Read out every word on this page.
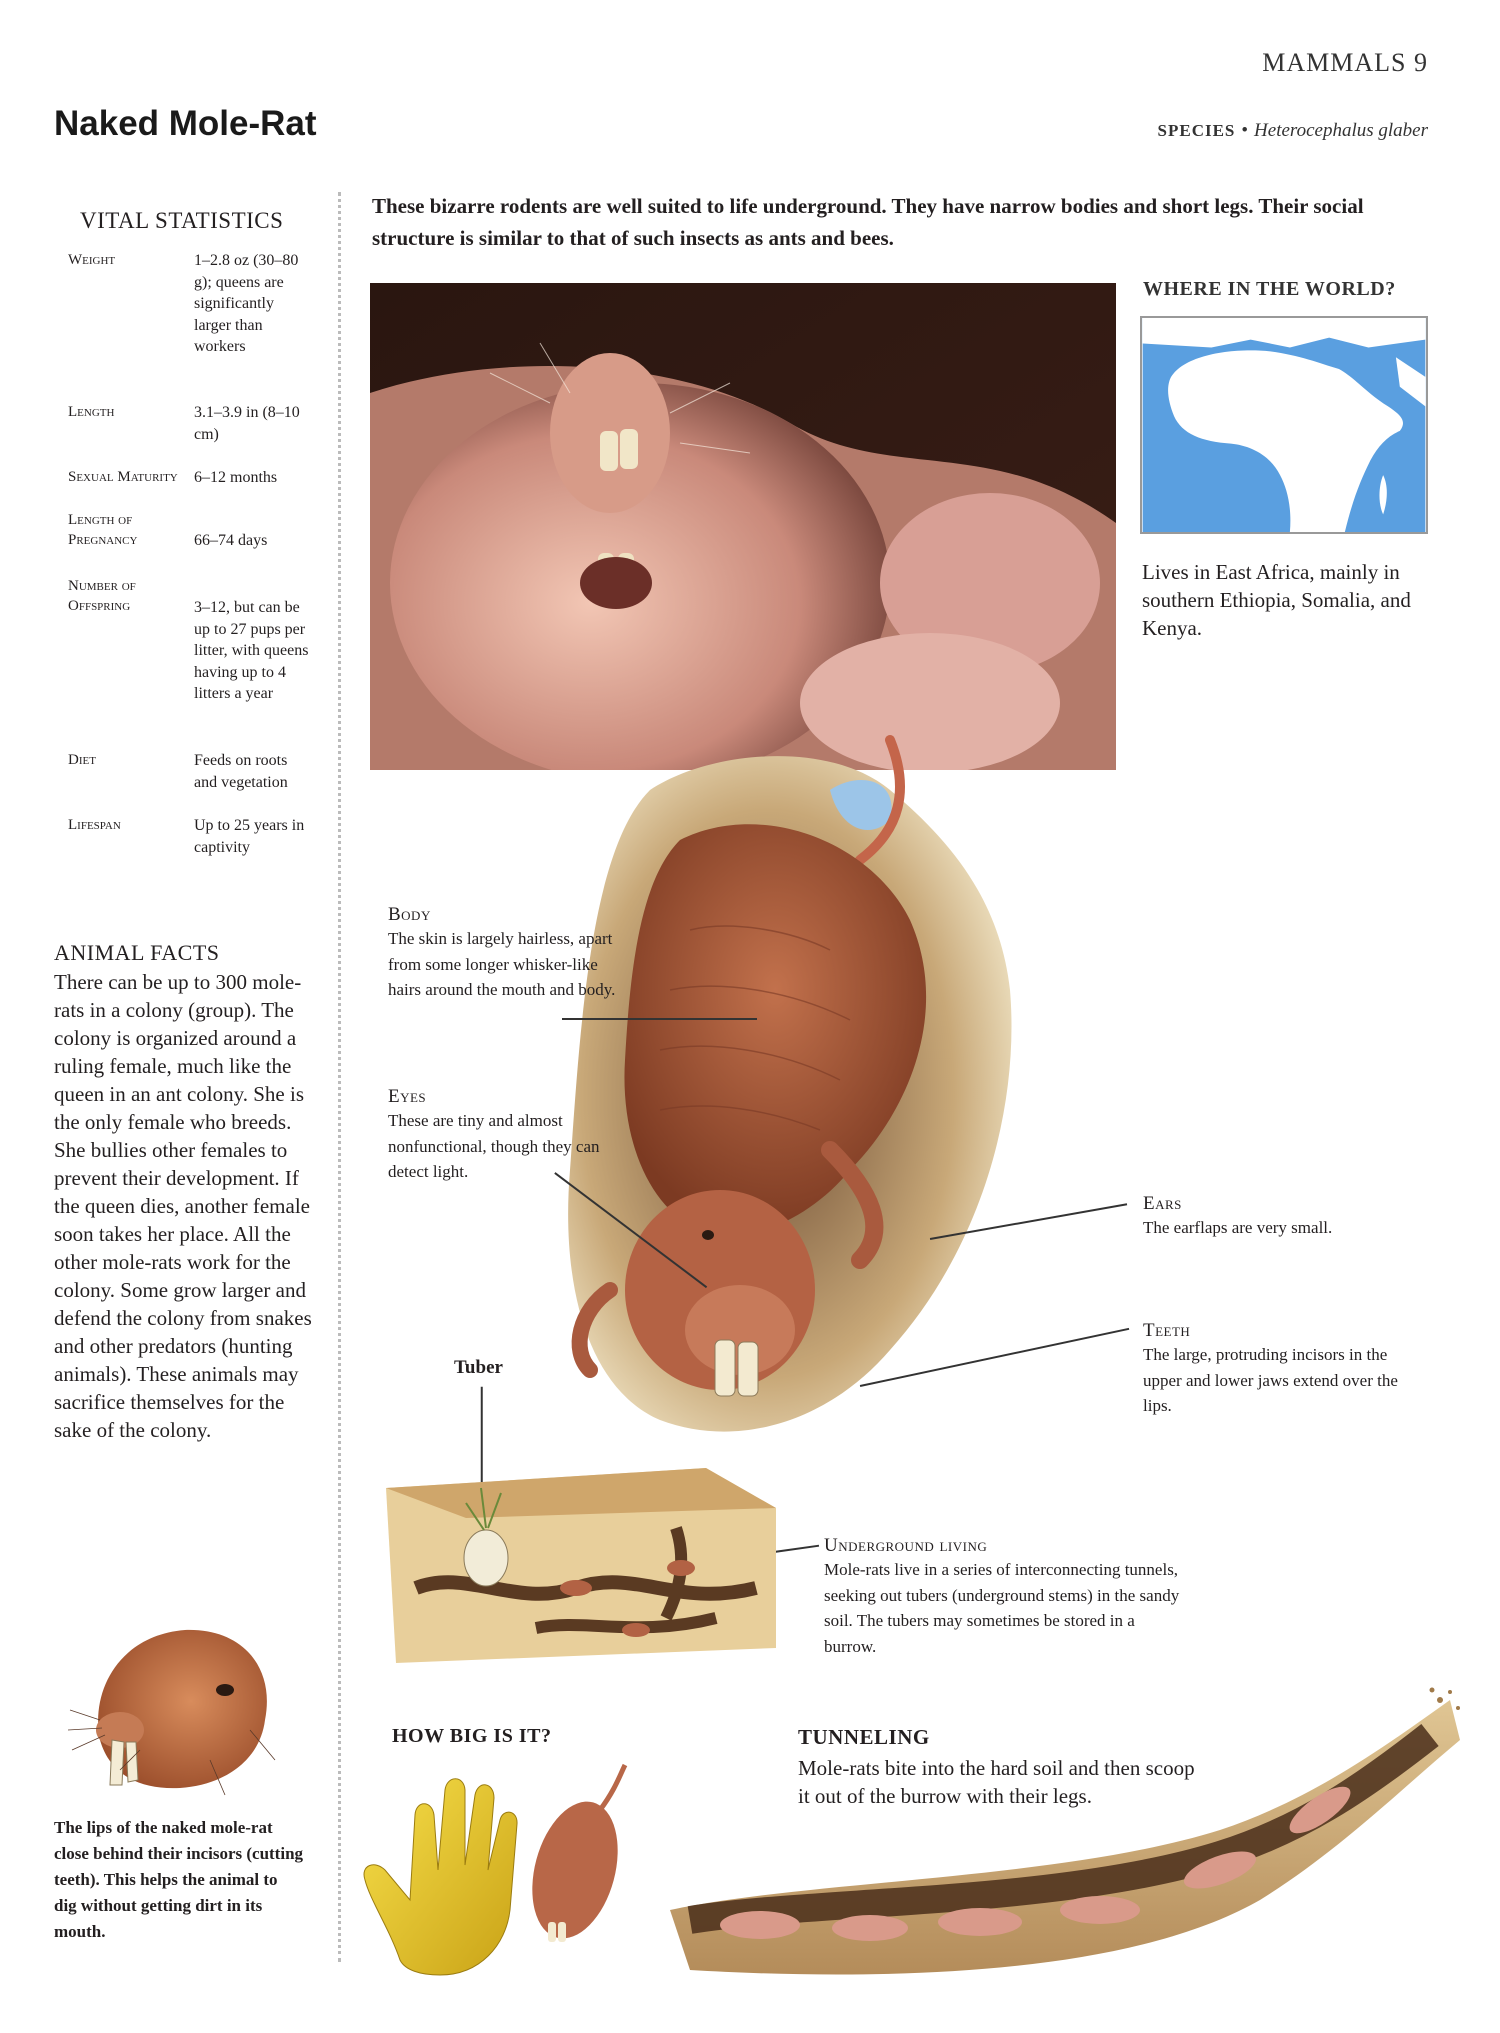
MAMMALS 9
Naked Mole-Rat	SPECIES • Heterocephalus glaber
VITAL STATISTICS
Weight	1–2.8 oz (30–80 g); queens are significantly larger than workers
Length	3.1–3.9 in (8–10 cm)
Sexual Maturity	6–12 months
Length of Pregnancy	66–74 days
Number of Offspring	3–12, but can be up to 27 pups per litter, with queens having up to 4 litters a year
Diet	Feeds on roots and vegetation
Lifespan	Up to 25 years in captivity
ANIMAL FACTS
There can be up to 300 mole-rats in a colony (group). The colony is organized around a ruling female, much like the queen in an ant colony. She is the only female who breeds. She bullies other females to prevent their development. If the queen dies, another female soon takes her place. All the other mole-rats work for the colony. Some grow larger and defend the colony from snakes and other predators (hunting animals). These animals may sacrifice themselves for the sake of the colony.
The lips of the naked mole-rat close behind their incisors (cutting teeth). This helps the animal to dig without getting dirt in its mouth.
These bizarre rodents are well suited to life underground. They have narrow bodies and short legs. Their social structure is similar to that of such insects as ants and bees.
WHERE IN THE WORLD?
Lives in East Africa, mainly in southern Ethiopia, Somalia, and Kenya.
Body
The skin is largely hairless, apart from some longer whisker-like hairs around the mouth and body.
Eyes
These are tiny and almost nonfunctional, though they can detect light.
Ears
The earflaps are very small.
Teeth
The large, protruding incisors in the upper and lower jaws extend over the lips.
Tuber
Underground living
Mole-rats live in a series of interconnecting tunnels, seeking out tubers (underground stems) in the sandy soil. The tubers may sometimes be stored in a burrow.
HOW BIG IS IT?	TUNNELING
Mole-rats bite into the hard soil and then scoop it out of the burrow with their legs.
